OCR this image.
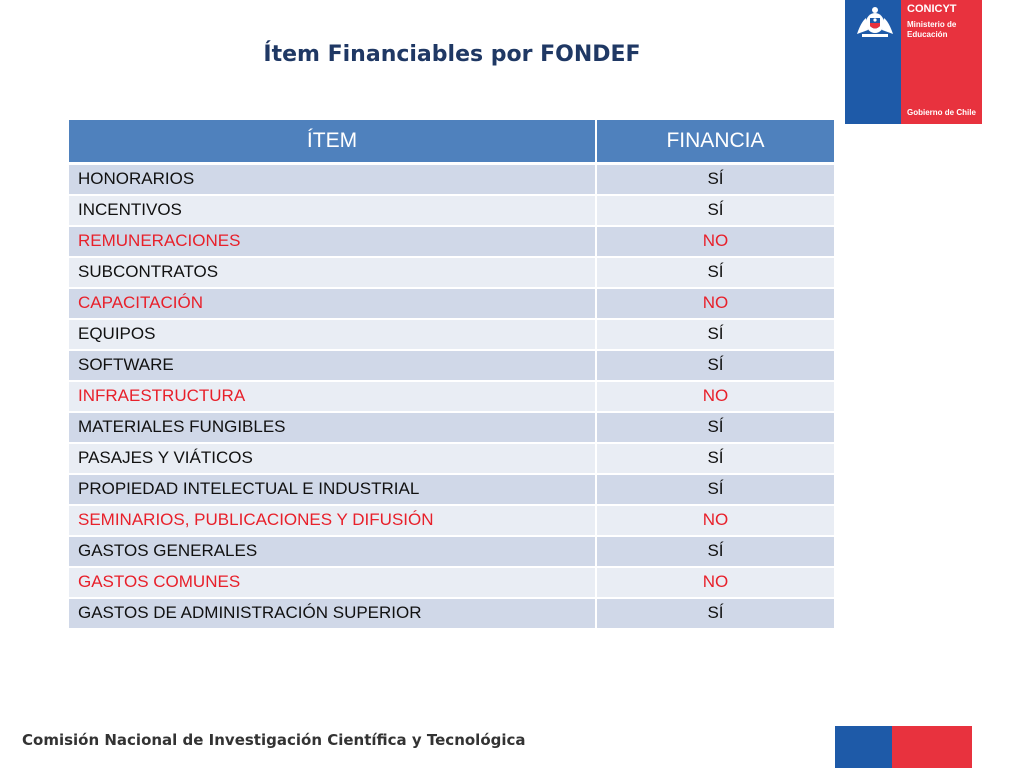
Ítem Financiables por FONDEF
CONICYT
Ministerio de Educación
Gobierno de Chile
ÍTEM	FINANCIA
HONORARIOS	SÍ
INCENTIVOS	SÍ
REMUNERACIONES	NO
SUBCONTRATOS	SÍ
CAPACITACIÓN	NO
EQUIPOS	SÍ
SOFTWARE	SÍ
INFRAESTRUCTURA	NO
MATERIALES FUNGIBLES	SÍ
PASAJES Y VIÁTICOS	SÍ
PROPIEDAD INTELECTUAL E INDUSTRIAL	SÍ
SEMINARIOS, PUBLICACIONES Y DIFUSIÓN	NO
GASTOS GENERALES	SÍ
GASTOS COMUNES	NO
GASTOS DE ADMINISTRACIÓN SUPERIOR	SÍ
Comisión Nacional de Investigación Científica y Tecnológica
